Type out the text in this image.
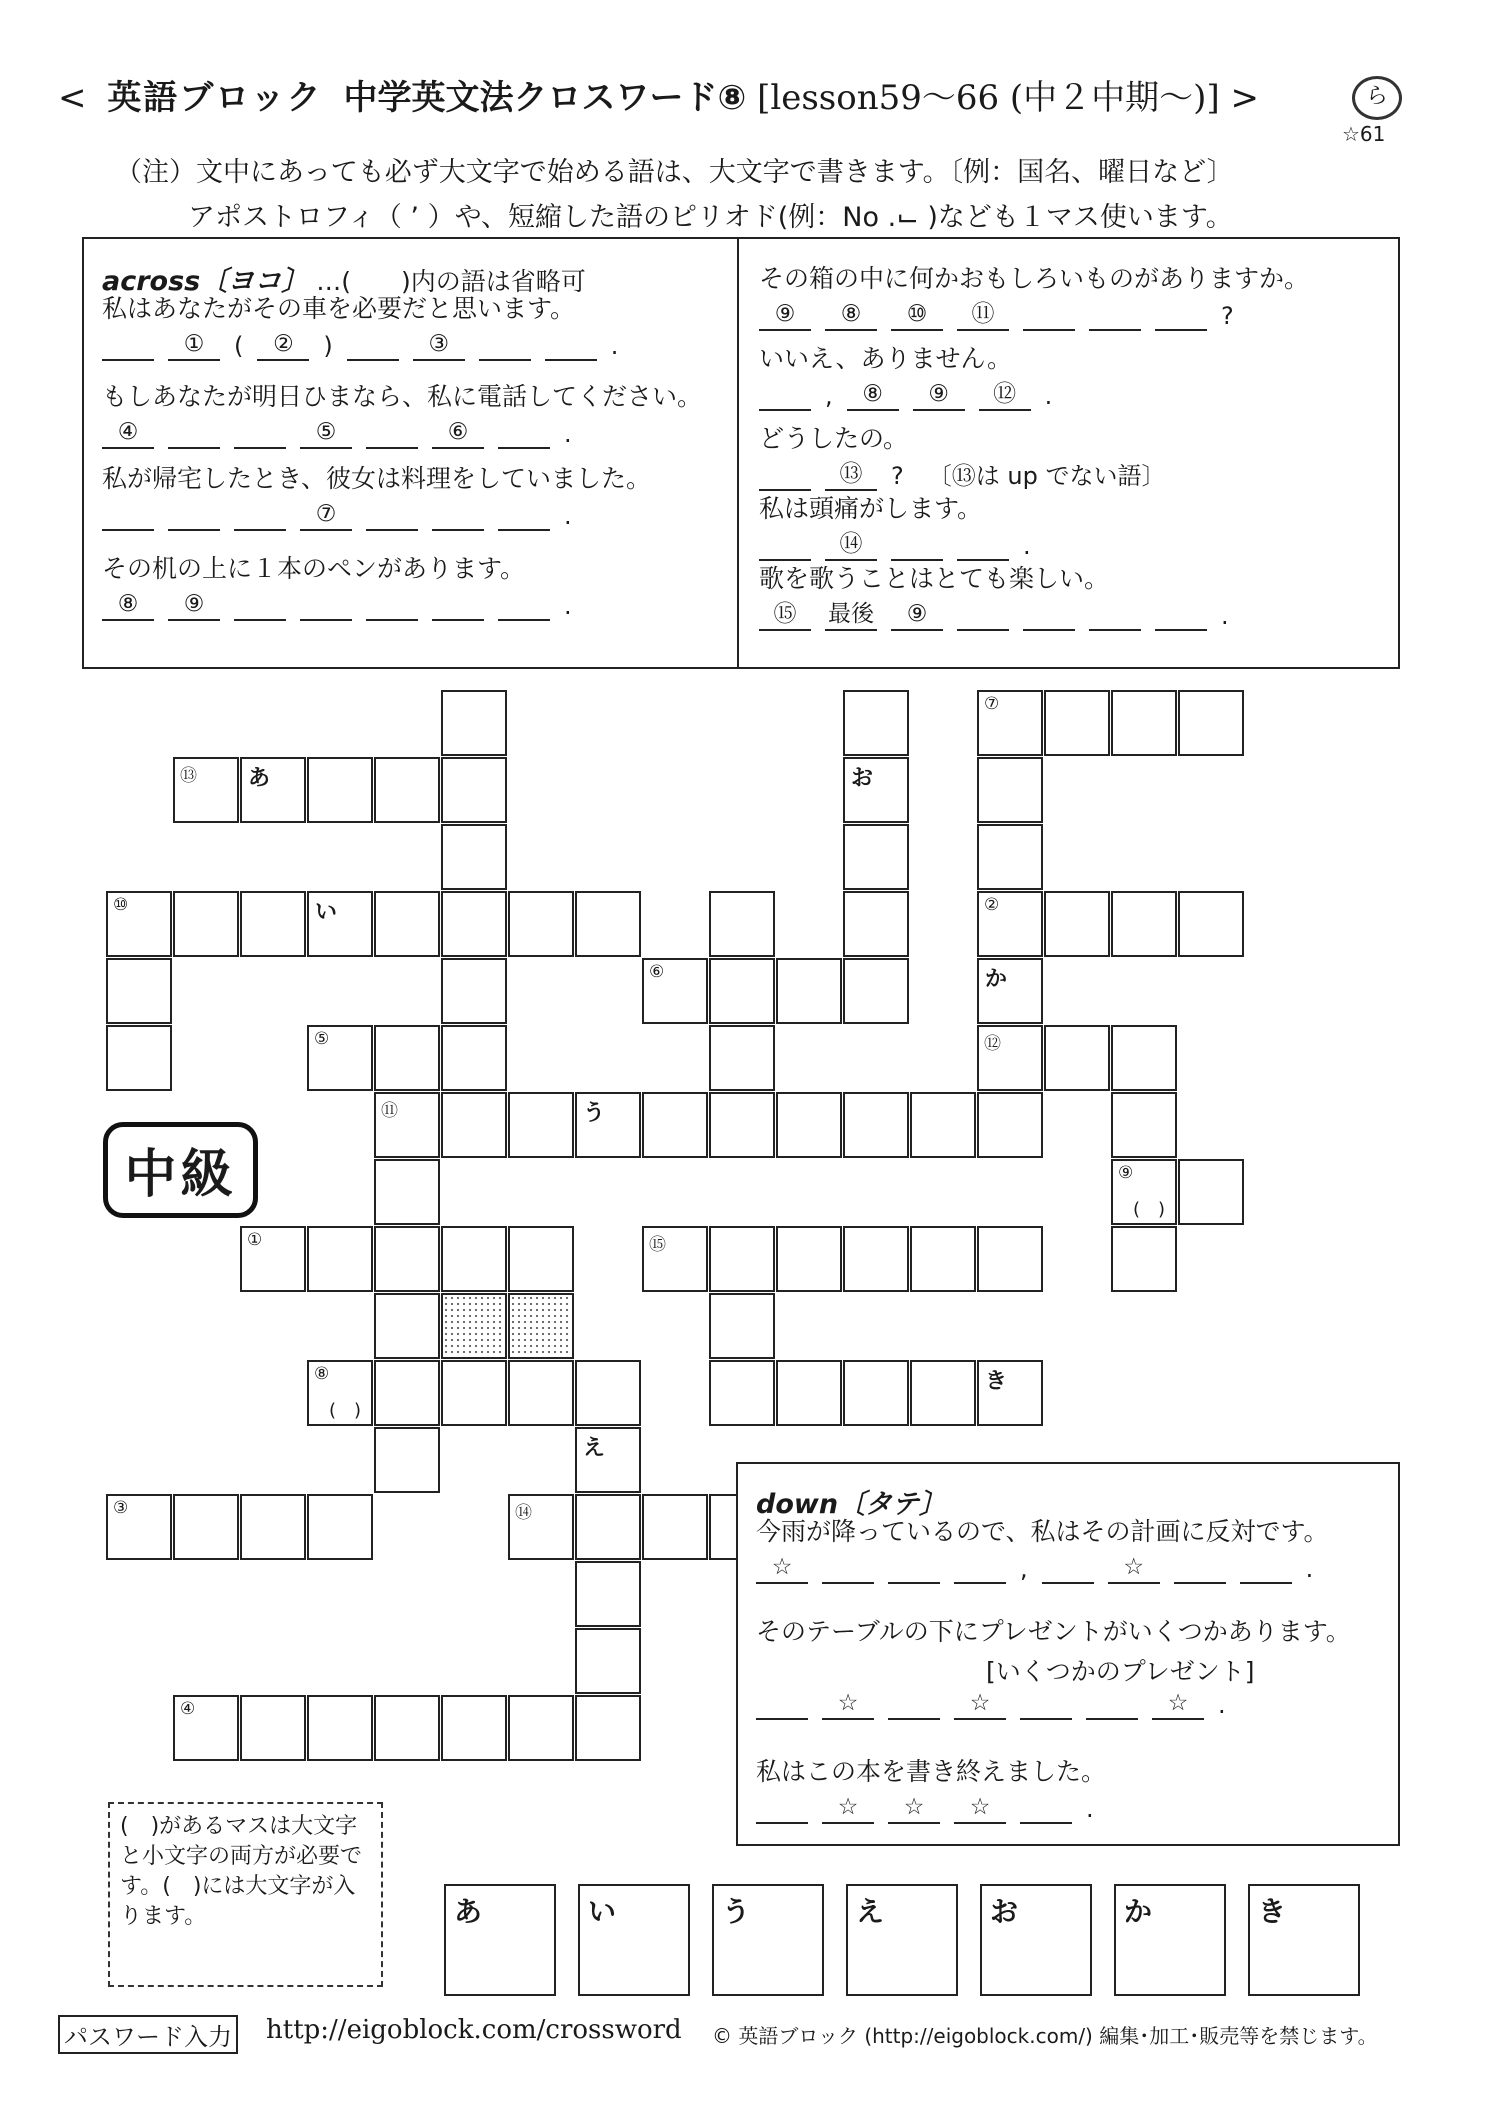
< 英語ブロック 中学英文法クロスワード⑧ [lesson59〜66 (中２中期〜)] >	ら
☆61
（注）文中にあっても必ず大文字で始める語は、大文字で書きます。〔例：国名、曜日など〕
アポストロフィ（ ’ ）や、短縮した語のピリオド(例：No .⌙ )なども１マス使います。
across〔ヨコ〕 …(　　)内の語は省略可
私はあなたがその車を必要だと思います。
①	(	②	)	③	.
もしあなたが明日ひまなら、私に電話してください。
④	⑤	⑥	.
私が帰宅したとき、彼女は料理をしていました。
⑦	.
その机の上に１本のペンがあります。
⑧	⑨	.
その箱の中に何かおもしろいものがありますか。
⑨	⑧	⑩	⑪	?
いいえ、ありません。
,	⑧	⑨	⑫	.
どうしたの。
⑬	? 〔⑬は up でない語〕
私は頭痛がします。
⑭	.
歌を歌うことはとても楽しい。
⑮	最後	⑨	.
⑦
⑬ あ	お
⑩	い	②
⑥	か
⑤	⑫
⑪	う
⑨
(　)
①	⑮
⑧
(　)
き
え
③	⑭
④
中級
down〔タテ〕
今雨が降っているので、私はその計画に反対です。
☆	,	☆	.
そのテーブルの下にプレゼントがいくつかあります。
[いくつかのプレゼント]
☆	☆	☆	.
私はこの本を書き終えました。
☆	☆	☆	.
(　)があるマスは大文字と小文字の両方が必要です。(　)には大文字が入ります。	あ	い	う	え	お	か	き
パスワード入力 http://eigoblock.com/crossword © 英語ブロック (http://eigoblock.com/) 編集･加工･販売等を禁じます。
